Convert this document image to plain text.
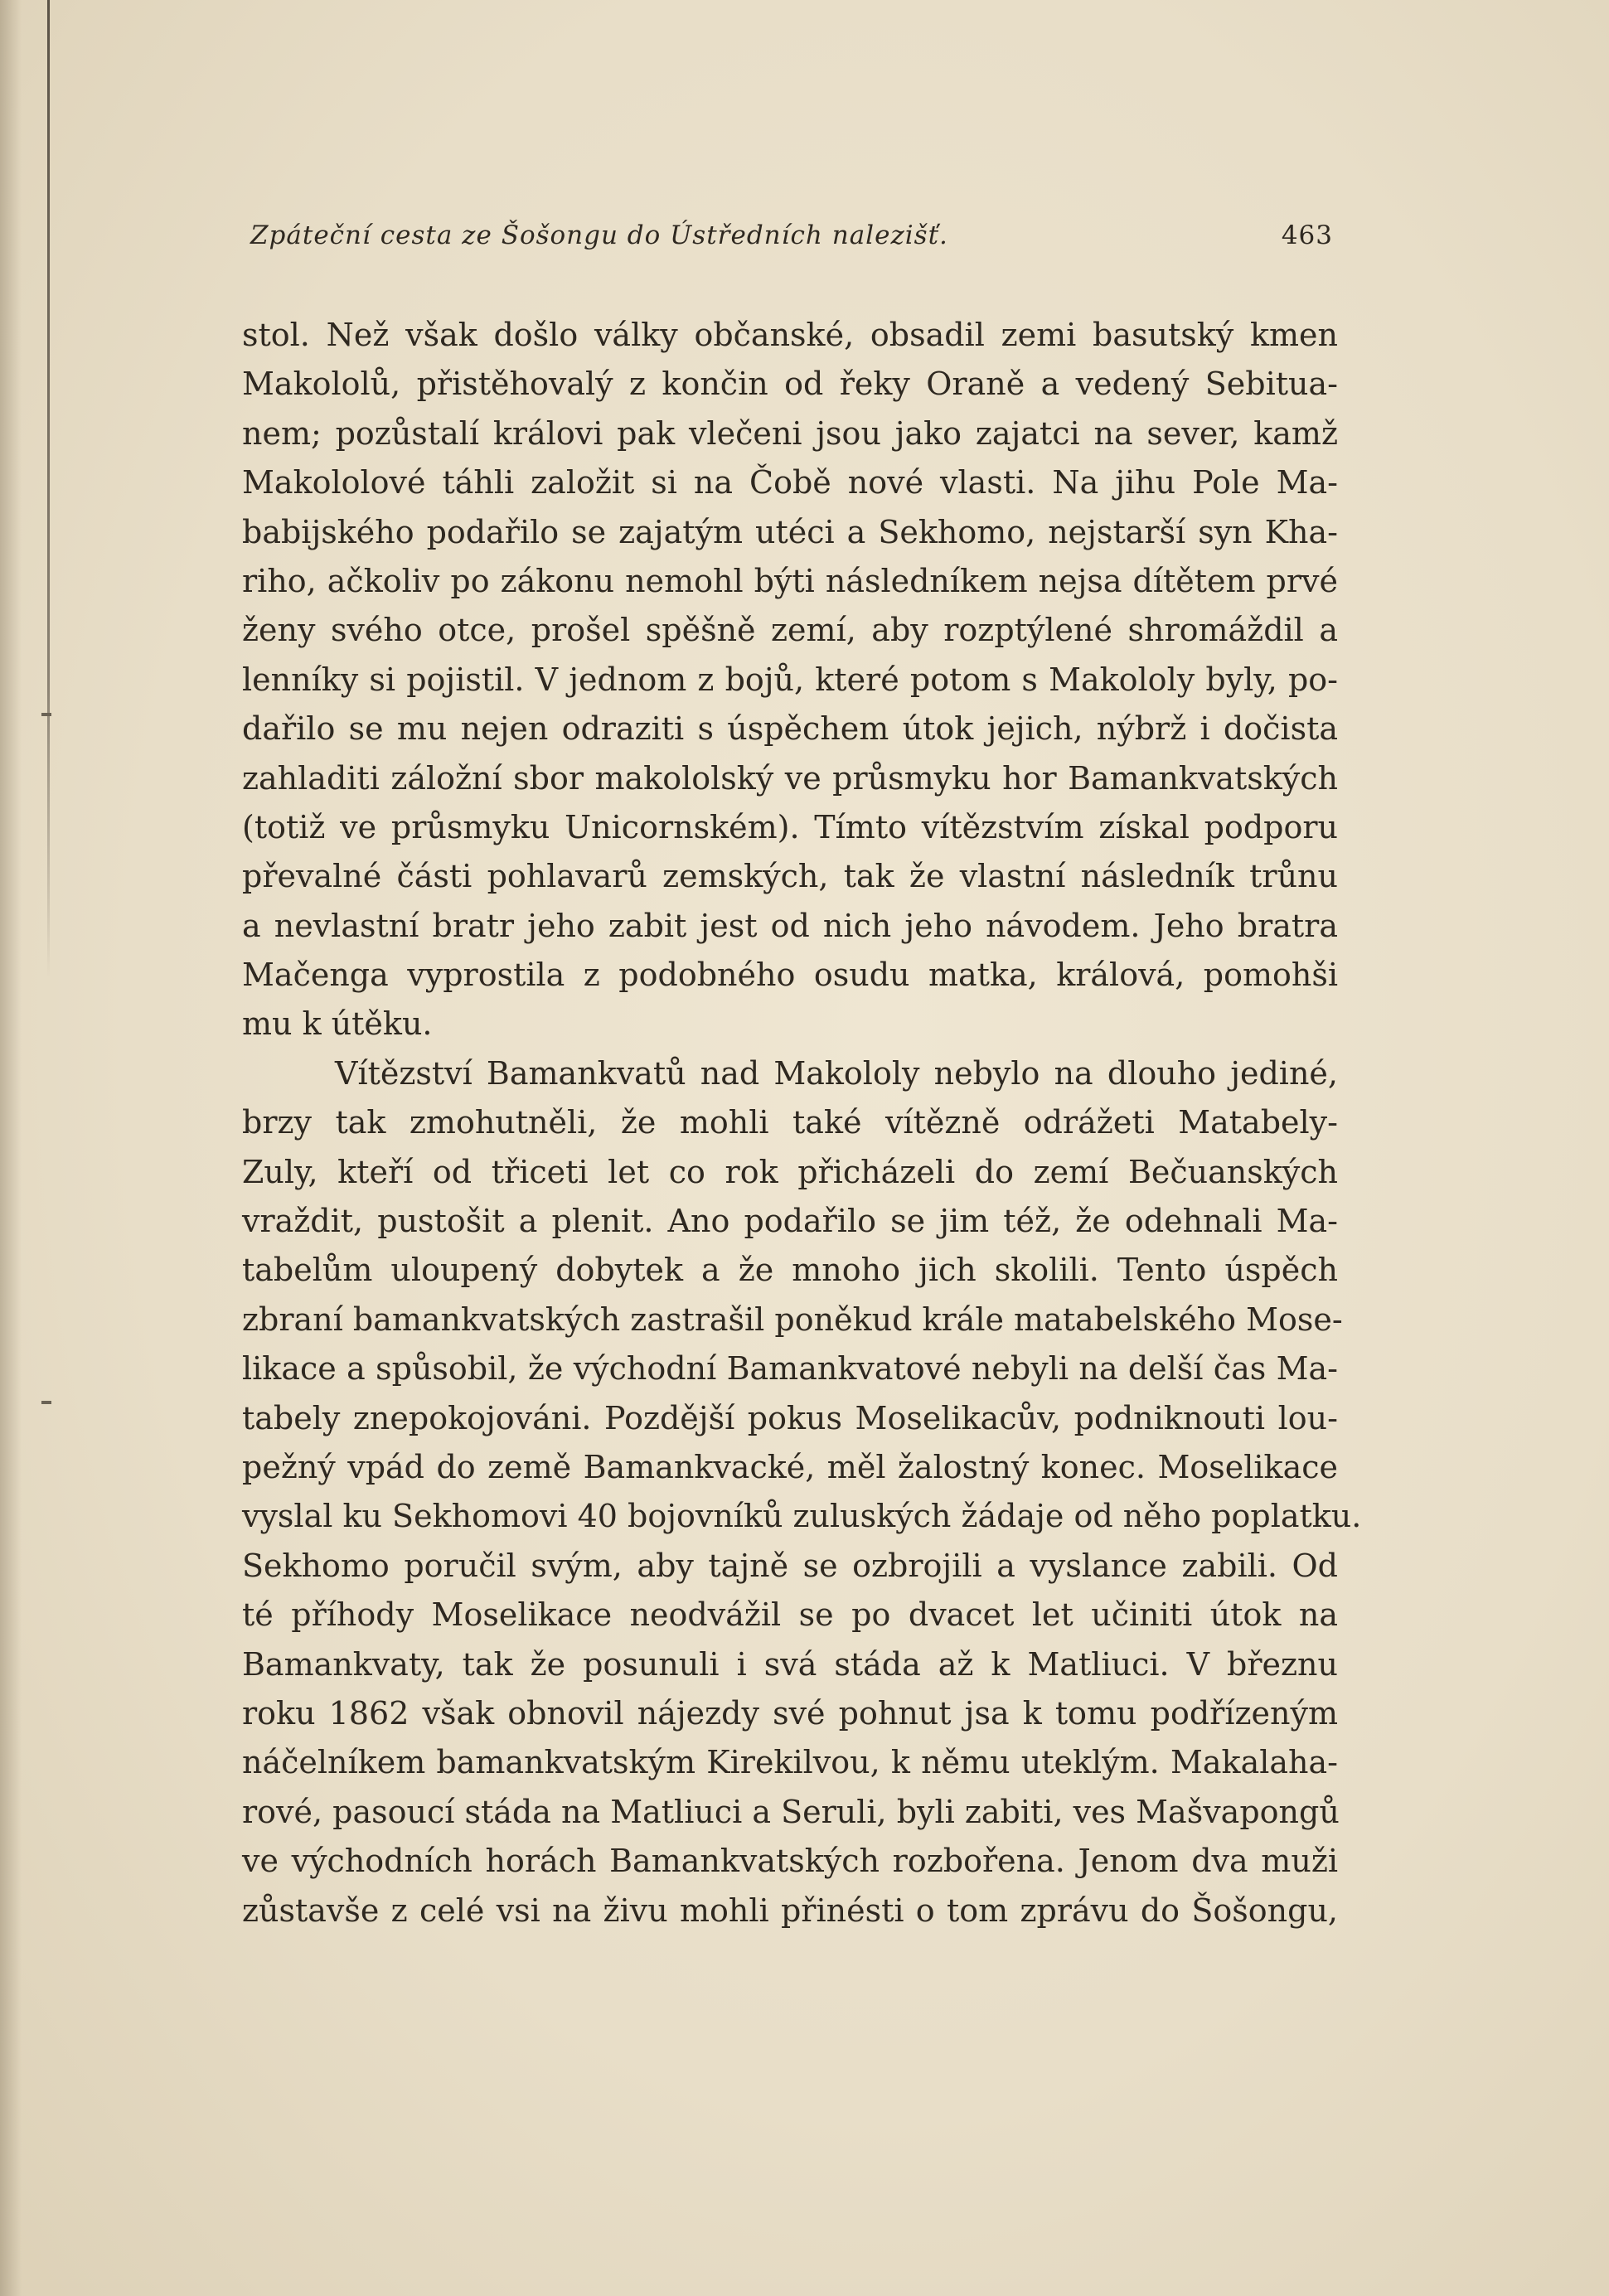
Zpáteční cesta ze Šošongu do Ústředních nalezišť.	463
stol. Než však došlo války občanské, obsadil zemi basutský kmen
Makololů, přistěhovalý z končin od řeky Oraně a vedený Sebitua-
nem; pozůstalí královi pak vlečeni jsou jako zajatci na sever, kamž
Makololové táhli založit si na Čobě nové vlasti. Na jihu Pole Ma-
babijského podařilo se zajatým utéci a Sekhomo, nejstarší syn Kha-
riho, ačkoliv po zákonu nemohl býti následníkem nejsa dítětem prvé
ženy svého otce, prošel spěšně zemí, aby rozptýlené shromáždil a
lenníky si pojistil. V jednom z bojů, které potom s Makololy byly, po-
dařilo se mu nejen odraziti s úspěchem útok jejich, nýbrž i dočista
zahladiti záložní sbor makololský ve průsmyku hor Bamankvatských
(totiž ve průsmyku Unicornském). Tímto vítězstvím získal podporu
převalné části pohlavarů zemských, tak že vlastní následník trůnu
a nevlastní bratr jeho zabit jest od nich jeho návodem. Jeho bratra
Mačenga vyprostila z podobného osudu matka, králová, pomohši
mu k útěku.
Vítězství Bamankvatů nad Makololy nebylo na dlouho jediné,
brzy tak zmohutněli, že mohli také vítězně odrážeti Matabely-
Zuly, kteří od třiceti let co rok přicházeli do zemí Bečuanských
vraždit, pustošit a plenit. Ano podařilo se jim též, že odehnali Ma-
tabelům uloupený dobytek a že mnoho jich skolili. Tento úspěch
zbraní bamankvatských zastrašil poněkud krále matabelského Mose-
likace a spůsobil, že východní Bamankvatové nebyli na delší čas Ma-
tabely znepokojováni. Pozdější pokus Moselikacův, podniknouti lou-
pežný vpád do země Bamankvacké, měl žalostný konec. Moselikace
vyslal ku Sekhomovi 40 bojovníků zuluských žádaje od něho poplatku.
Sekhomo poručil svým, aby tajně se ozbrojili a vyslance zabili. Od
té příhody Moselikace neodvážil se po dvacet let učiniti útok na
Bamankvaty, tak že posunuli i svá stáda až k Matliuci. V březnu
roku 1862 však obnovil nájezdy své pohnut jsa k tomu podřízeným
náčelníkem bamankvatským Kirekilvou, k němu uteklým. Makalaha-
rové, pasoucí stáda na Matliuci a Seruli, byli zabiti, ves Mašvapongů
ve východních horách Bamankvatských rozbořena. Jenom dva muži
zůstavše z celé vsi na živu mohli přinésti o tom zprávu do Šošongu,
